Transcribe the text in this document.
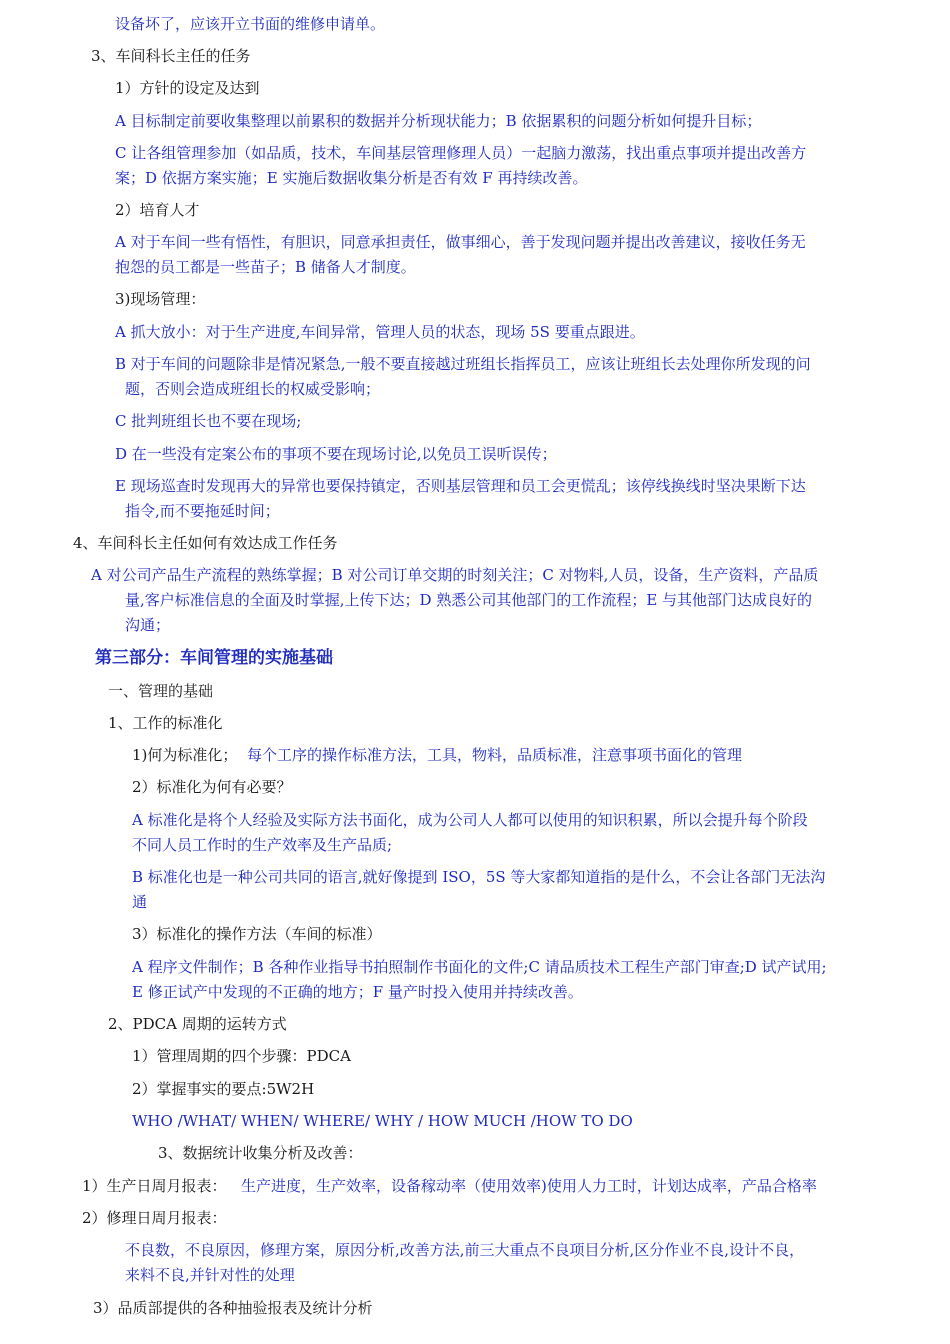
设备坏了，应该开立书面的维修申请单。

3、车间科长主任的任务

1）方针的设定及达到

A 目标制定前要收集整理以前累积的数据并分析现状能力；B 依据累积的问题分析如何提升目标；

C 让各组管理参加（如品质，技术，车间基层管理修理人员）一起脑力激荡，找出重点事项并提出改善方

案；D 依据方案实施；E 实施后数据收集分析是否有效 F 再持续改善。

2）培育人才

A 对于车间一些有悟性，有胆识，同意承担责任，做事细心，善于发现问题并提出改善建议，接收任务无

抱怨的员工都是一些苗子；B 储备人才制度。

3)现场管理：

A 抓大放小：对于生产进度,车间异常，管理人员的状态，现场 5S 要重点跟进。

B 对于车间的问题除非是情况紧急,一般不要直接越过班组长指挥员工，应该让班组长去处理你所发现的问

题，否则会造成班组长的权威受影响；

C 批判班组长也不要在现场;

D 在一些没有定案公布的事项不要在现场讨论,以免员工误听误传；

E 现场巡查时发现再大的异常也要保持镇定，否则基层管理和员工会更慌乱；该停线换线时坚决果断下达

指令,而不要拖延时间；

4、车间科长主任如何有效达成工作任务

A 对公司产品生产流程的熟练掌握；B 对公司订单交期的时刻关注；C 对物料,人员，设备，生产资料，产品质

量,客户标准信息的全面及时掌握,上传下达；D 熟悉公司其他部门的工作流程；E 与其他部门达成良好的

沟通；

第三部分：车间管理的实施基础

一、管理的基础

1、工作的标准化

1)何为标准化； 每个工序的操作标准方法，工具，物料，品质标准，注意事项书面化的管理

2）标准化为何有必要？

A 标准化是将个人经验及实际方法书面化，成为公司人人都可以使用的知识积累，所以会提升每个阶段

不同人员工作时的生产效率及生产品质;

B 标准化也是一种公司共同的语言,就好像提到 ISO，5S 等大家都知道指的是什么，不会让各部门无法沟

通

3）标准化的操作方法（车间的标准）

A 程序文件制作；B 各种作业指导书拍照制作书面化的文件;C 请品质技术工程生产部门审查;D 试产试用;

E 修正试产中发现的不正确的地方；F 量产时投入使用并持续改善。

2、PDCA 周期的运转方式

1）管理周期的四个步骤：PDCA

2）掌握事实的要点:5W2H

WHO /WHAT/ WHEN/ WHERE/ WHY / HOW MUCH /HOW TO DO

3、数据统计收集分析及改善：

1）生产日周月报表： 生产进度，生产效率，设备稼动率（使用效率)使用人力工时，计划达成率，产品合格率

2）修理日周月报表：

不良数，不良原因，修理方案，原因分析,改善方法,前三大重点不良项目分析,区分作业不良,设计不良，

来料不良,并针对性的处理

3）品质部提供的各种抽验报表及统计分析
